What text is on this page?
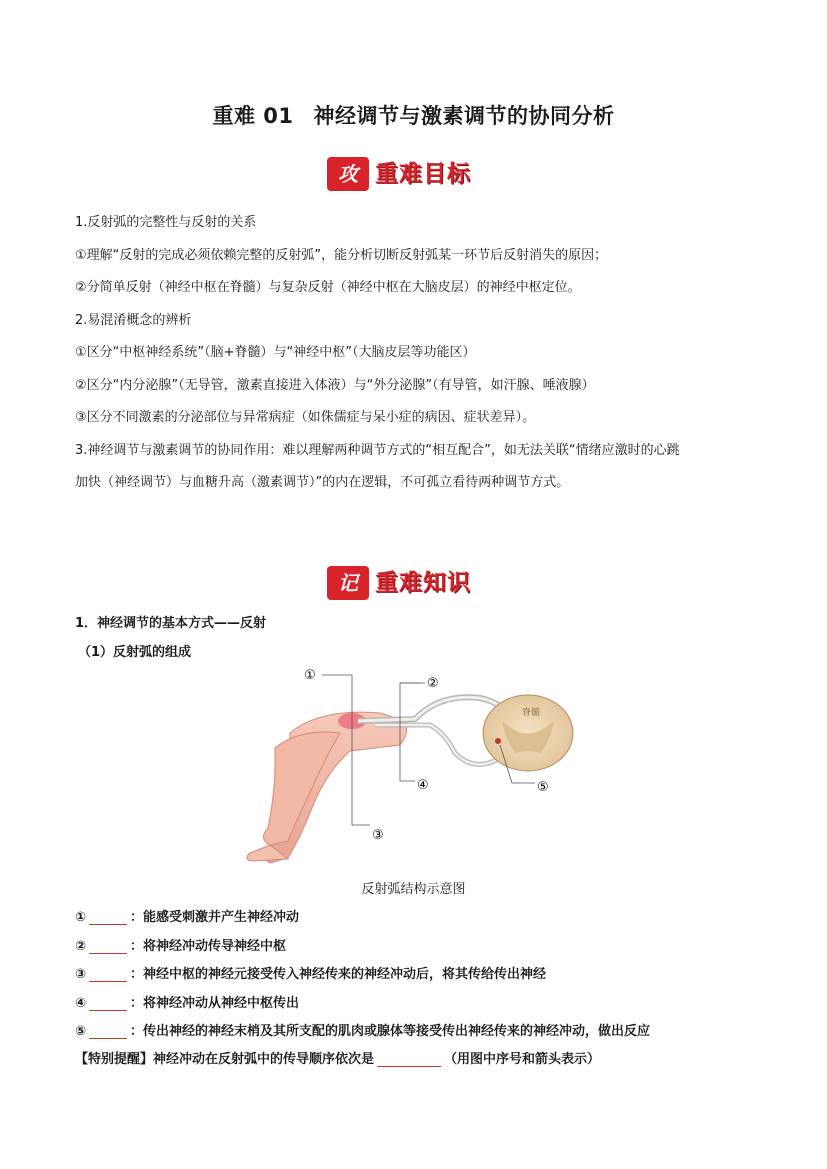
重难 01 神经调节与激素调节的协同分析
攻 重难目标
1.反射弧的完整性与反射的关系
①理解“反射的完成必须依赖完整的反射弧”，能分析切断反射弧某一环节后反射消失的原因；
②分简单反射（神经中枢在脊髓）与复杂反射（神经中枢在大脑皮层）的神经中枢定位。
2.易混淆概念的辨析
①区分“中枢神经系统”（脑+脊髓）与“神经中枢”（大脑皮层等功能区）
②区分“内分泌腺”（无导管，激素直接进入体液）与“外分泌腺”（有导管，如汗腺、唾液腺）
③区分不同激素的分泌部位与异常病症（如侏儒症与呆小症的病因、症状差异）。
3.神经调节与激素调节的协同作用：难以理解两种调节方式的“相互配合”，如无法关联“情绪应激时的心跳
加快（神经调节）与血糖升高（激素调节）”的内在逻辑，不可孤立看待两种调节方式。
记 重难知识
1．神经调节的基本方式——反射
（1）反射弧的组成
脊髓
①
②
③
④	⑤
反射弧结构示意图
①	：能感受刺激并产生神经冲动
②	：将神经冲动传导神经中枢
③	：神经中枢的神经元接受传入神经传来的神经冲动后，将其传给传出神经
④	：将神经冲动从神经中枢传出
⑤	：传出神经的神经末梢及其所支配的肌肉或腺体等接受传出神经传来的神经冲动，做出反应
【特别提醒】神经冲动在反射弧中的传导顺序依次是	（用图中序号和箭头表示）
